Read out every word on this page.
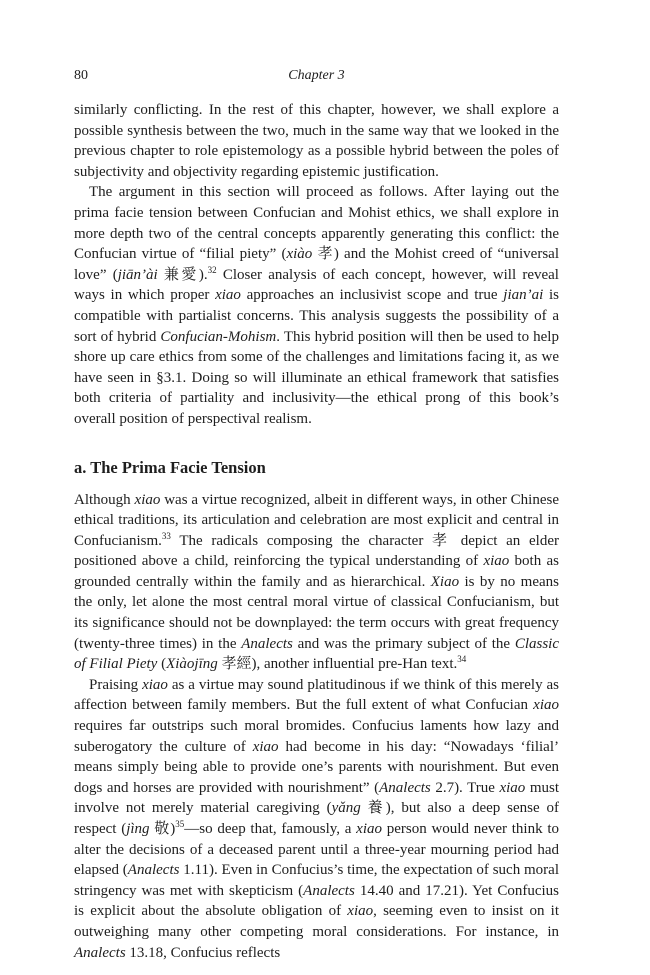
80	Chapter 3

similarly conflicting. In the rest of this chapter, however, we shall explore a possible synthesis between the two, much in the same way that we looked in the previous chapter to role epistemology as a possible hybrid between the poles of subjectivity and objectivity regarding epistemic justification.

The argument in this section will proceed as follows. After laying out the prima facie tension between Confucian and Mohist ethics, we shall explore in more depth two of the central concepts apparently generating this conflict: the Confucian virtue of “filial piety” (xiào 孝) and the Mohist creed of “universal love” (jiān’ài 兼愛).$^{32}$ Closer analysis of each concept, however, will reveal ways in which proper xiao approaches an inclusivist scope and true jian’ai is compatible with partialist concerns. This analysis suggests the possibility of a sort of hybrid Confucian-Mohism. This hybrid position will then be used to help shore up care ethics from some of the challenges and limitations facing it, as we have seen in §3.1. Doing so will illuminate an ethical framework that satisfies both criteria of partiality and inclusivity—the ethical prong of this book’s overall position of perspectival realism.

a. The Prima Facie Tension

Although xiao was a virtue recognized, albeit in different ways, in other Chinese ethical traditions, its articulation and celebration are most explicit and central in Confucianism.$^{33}$ The radicals composing the character 孝 depict an elder positioned above a child, reinforcing the typical understanding of xiao both as grounded centrally within the family and as hierarchical. Xiao is by no means the only, let alone the most central moral virtue of classical Confucianism, but its significance should not be downplayed: the term occurs with great frequency (twenty-three times) in the Analects and was the primary subject of the Classic of Filial Piety (Xiàojīng 孝經), another influential pre-Han text.$^{34}$

Praising xiao as a virtue may sound platitudinous if we think of this merely as affection between family members. But the full extent of what Confucian xiao requires far outstrips such moral bromides. Confucius laments how lazy and suberogatory the culture of xiao had become in his day: “Nowadays ‘filial’ means simply being able to provide one’s parents with nourishment. But even dogs and horses are provided with nourishment” (Analects 2.7). True xiao must involve not merely material caregiving (yǎng 養), but also a deep sense of respect (jìng 敬)$^{35}$—so deep that, famously, a xiao person would never think to alter the decisions of a deceased parent until a three-year mourning period had elapsed (Analects 1.11). Even in Confucius’s time, the expectation of such moral stringency was met with skepticism (Analects 14.40 and 17.21). Yet Confucius is explicit about the absolute obligation of xiao, seeming even to insist on it outweighing many other competing moral considerations. For instance, in Analects 13.18, Confucius reflects
